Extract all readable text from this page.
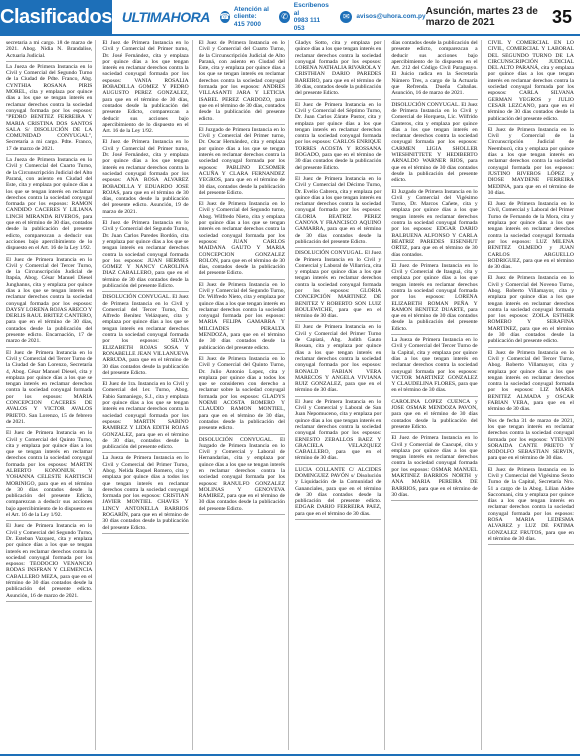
Clasificados ULTIMAHORA ☎
Atención al cliente:
415 7000
✆
Escríbenos al
0983 111 053
✉	avisos@uhora.com.py Asunción, martes 23 de marzo de 2021	35

secretaria a mi cargo. 18 de marzo de 2021. Abog. Nidia N. Brandalise, Actuaria Judicial.

La Jueza de Primera Instancia en lo Civil y Comercial del Segundo Turno de la Ciudad de Pdte. Franco, Abg. CYNTHIA ROSANA PIRIS MOREL, cita y emplaza por quince días a los que se tengan interés en reclamar derechos contra la sociedad conyugal formada por los esposos: "PEDRO BENITEZ FERREIRA Y MARIA CRISTINA DOS SANTOS SALA S/ DISOLUCIÓN DE LA COMUNIDAD CONYUGAL", Secretaría a mi cargo. Pdte. Franco, 17 de marzo de 2021.

La Jueza de Primera Instancia en lo Civil y Comercial del Cuarto Turno, de la Circunscripción Judicial del Alto Paraná, con asiento en Ciudad del Este, cita y emplaza por quince días a los que se tengan interés en reclamar derechos contra la sociedad conyugal formada por los esposos: RAMON CANDIDO CACERES Y LILIANA LINCH MIRANDA RIVEROS, para que en el término de 30 días, contados desde la publicación del presente edicto, comparezcan a deducir sus acciones bajo apercibimiento de lo dispuesto en el Art. 16 de la Ley 1/92.

El Juez de Primera Instancia en lo Civil y Comercial del Tercer Turno, de la Circunscripción Judicial de Itapúa, Abog. César Manuel Diesel Junghanns, cita y emplaza por quince días a los que se tengan interés en reclamar derechos contra la sociedad conyugal formada por los esposos: DAYSY LORENA ROJAS ARECO Y DERLIS RAUL BRITEZ CANTERO, para que en el término de 30 días, contados desde la publicación del presente edicto. Encarnación, 17 de marzo de 2021.

El Juez de Primera Instancia en lo Civil y Comercial del Tercer Turno de la Ciudad de San Lorenzo, Secretaría 4, Abog. César Manuel Diesel, cita y emplaza por quince días a los que se tengan interés en reclamar derechos contra la sociedad conyugal formada por los esposos: MARIA CONCEPCION CACERES DE AVALOS Y VICTOR AVALOS PRIETO. San Lorenzo, 15 de febrero de 2021.

El Juez de Primera Instancia en lo Civil y Comercial del Quinto Turno, cita y emplaza por quince días a los que se tengan interés en reclamar derechos contra la sociedad conyugal formada por los esposos: MARTIN ALBERTO KONONIUK Y YOHANNA CELESTE KARTISCH MORINIGO, para que en el término de 30 días contados desde la publicación del presente Edicto, comparezcan a deducir sus acciones bajo apercibimiento de lo dispuesto en el Art. 16 de la Ley 1/92.

El Juez de Primera Instancia en lo Civil y Comercial del Segundo Turno, Dr. Esteban Vazquez, cita y emplaza por quince días a los que se tengan interés en reclamar derechos contra la sociedad conyugal formada por los esposos: TEODOCIO VENANCIO RODAS INSFRAN Y CLEMENCIA CABALLERO MEZA, para que en el término de 30 días contados desde la publicación del presente edicto. Asunción, 16 de marzo de 2021.

El Juez de Primera Instancia en lo Civil y Comercial del Primer turno, Dr. José Fernández, cita y emplaza por quince días a los que tengan interés en reclamar derechos contra la sociedad conyugal formada por los esposos: VANIA ROSALIA BOBADILLA GOMEZ Y PEDRO AUGUSTO PEREZ GONZALEZ, para que en el término de 30 días, contados desde la publicación del presente Edicto, comparezcan a deducir sus acciones bajo apercibimiento de lo dispuesto en el Art. 16 de la Ley 1/92.

El Juez de Primera Instancia en lo Civil y Comercial del Primer turno, Dr. José Fernández, cita y emplaza por quince días a los que tengan interés en reclamar derechos contra la sociedad conyugal formada por los esposos: ANA ROSA ALVAREZ BOBADILLA Y EDUARDO JOSE ROJAS, para que en el término de 30 días, contados desde la publicación del presente edicto. Asunción, 19 de marzo de 2021.

El Juez de Primera Instancia en lo Civil y Comercial del Segundo Turno, Dr. Juan Carlos Paredes Bordón, cita y emplaza por quince días a los que se tengan interés en reclamar derechos contra la sociedad conyugal formada por los esposos: JUAN HERMES GOMEZ Y NANCY CAROLINA DIAZ CABALLERO, para que en el término de 30 días contados desde la publicación del presente Edicto.

DISOLUCIÓN CONYUGAL. El Juez de Primera Instancia en lo Civil y Comercial del Tercer Turno, Dr. Alfredo Benítez Velázquez, cita y emplaza por quince días a los que se tengan interés en reclamar derechos contra la sociedad conyugal formada por los esposos: SILVIA ELIZABETH ROJAS SOSA Y RONABELLE JEAN VILLANUEVA ARRUDA, para que en el término de 30 días contados desde la publicación del presente Edicto.

El Juez de 1ra. Instancia en lo Civil y Comercial del 1er. Turno, Abog. Fabio Samaniego, S.J., cita y emplaza por quince días a los que se tengan interés en reclamar derechos contra la sociedad conyugal formada por los esposos: MARTIN SABINO RAMIREZ Y LIDIA EDITH ROJAS GONZALEZ, para que en el término de 30 días, contados desde la publicación del presente edicto.

La Jueza de Primera Instancia en lo Civil y Comercial del Primer Turno, Abog. Nelida Raquel Romero, cita y emplaza por quince días a todos los que tengan interés en reclamar derechos contra la sociedad conyugal formada por los esposos: CRISTIAN JAVIER MONTIEL CHAVES Y LINCY ANTONELLA BARRIOS ROGARÍN, para que en el término de 30 días contados desde la publicación del presente Edicto.

El Juez de Primera Instancia en lo Civil y Comercial del Cuarto Turno, de la Circunscripción Judicial de Alto Paraná, con asiento en Ciudad del Este, cita y emplaza por quince días a los que se tengan interés en reclamar derechos contra la sociedad conyugal formada por los esposos: ANDRES VILLASANTI JARA Y LETICIA ISABEL PEREZ CARDOZO, para que en el término de 30 días, contados desde la publicación del presente edicto.

El Juzgado de Primera Instancia en lo Civil y Comercial del Primer turno, Dr. Oscar Hernández, cita y emplaza por quince días a los que se tengan interés en reclamar derechos contra la sociedad conyugal formada por los esposos: PABLINO ECSOMER ACUÑA Y CLARA FERNANDEZ YEGROS, para que en el término de 30 días, contados desde la publicación del presente Edicto.

El Juez de Primera Instancia en lo Civil y Comercial del Segundo turno, Abog. Wilfredo Nieto, cita y emplaza por quince días a los que se tengan interés en reclamar derechos contra la sociedad conyugal formada por los esposos: JUAN CARLOS MAIDANA GAUTO Y MARIA CONCEPCION GONZALEZ ROLON, para que en el término de 30 días, contados desde la publicación del presente Edicto.

El Juez de Primera Instancia en lo Civil y Comercial del Segundo Turno, Dr. Wilfredo Nieto, cita y emplaza por quince días a los que tengan interés en reclamar derechos contra la sociedad conyugal formada por los esposos: MARIA FELIPA GAMARRA Y MILCIADES PERALTA MENDOZA, para que en el término de 30 días contados desde la publicación del presente edicto.

El Juez de Primera Instancia en lo Civil y Comercial del Quinto Turno, Dr. Julio Antonio Lopez, cita y emplaza por quince días a todos los que se consideren con derecho a reclamar sobre la sociedad conyugal formada por los esposos: GLADYS NOEMI ACOSTA ROMERO Y CLAUDIO RAMON MONTIEL, para que en el término de 30 días, contados desde la publicación del presente edicto.

DISOLUCIÓN CONYUGAL. El Juzgado de Primera Instancia en lo Civil y Comercial y Laboral de Hernandarias, cita y emplaza por quince días a los que se tengan interés en reclamar derechos contra la sociedad conyugal formada por los esposos: RANULFO GONZALEZ MOLINAS Y GENOVEVA RAMIREZ, para que en el término de 30 días contados desde la publicación del presente Edicto.

Gladys Sotto, cita y emplaza por quince días a los que tengan interés en reclamar derechos contra la sociedad conyugal formada por los esposos: LORENA NATHALIA RIVAROLA Y CRISTHIAN DARIO PAREDES BAREIRO, para que en el término de 30 días, contados desde la publicación del presente Edicto.

El Juez de Primera Instancia en lo Civil y Comercial del Séptimo Turno, Dr. Juan Carlos Zárate Pastor, cita y emplaza por quince días a los que tengan interés en reclamar derechos contra la sociedad conyugal formada por los esposos: CARLOS ENRIQUE TORRES ACOSTA Y ROSSANA BOGADO, para que en el término de 30 días contados desde la publicación del presente Edicto.

El Juez de Primera Instancia en lo Civil y Comercial del Décimo Turno, Dr. Evelio Cabrera, cita y emplaza por quince días a los que tengan interés en reclamar derechos contra la sociedad conyugal formada por los esposos: GLORIA BEATRIZ PEREZ CANOVA Y FRANCISCO AQUINO GAMARRA, para que en el término de 30 días contados desde la publicación del presente Edicto.

DISOLUCIÓN CONYUGAL. El Juez de Primera Instancia en lo Civil y Comercial y Laboral de Villarrica, cita y emplaza por quince días a los que tengan interés en reclamar derechos contra la sociedad conyugal formada por los esposos: GLORIA CONCEPCIÓN MARTINEZ DE BENITEZ Y ROBERTO SON LUIZ BOULEWICHE, para que en el término de 30 días.

El Juez de Primera Instancia en lo Civil y Comercial del Primer Turno de Capiatá, Abg. Judith Gauto Rossan, cita y emplaza por quince días a los que tengan interés en reclamar derechos contra la sociedad conyugal formada por los esposos: RONALD FABIAN VERA MARECOS Y ANGELA VIVIANA RUIZ GONZALEZ, para que en el término de 30 días.

El Juez de Primera Instancia en lo Civil y Comercial y Laboral de San Juan Nepomuceno, cita y emplaza por quince días a los que tengan interés en reclamar derechos contra la sociedad conyugal formada por los esposos: ERNESTO ZEBALLOS BAEZ Y GRACIELA VELAZQUEZ CABALLERO, para que en el término de 30 días.

LUCIA COLLANTE C/ ALCIDES DOMINGUEZ PAVÓN s/ Disolución y Liquidación de la Comunidad de Gananciales, para que en el término de 30 días contados desde la publicación del presente edicto. EDGAR DARIO FERREIRA PAEZ, para que en el término de 30 días.

días contados desde la publicación del presente edicto, comparezcan a deducir sus acciones bajo apercibimiento de lo dispuesto en el Art. 212 del Código Civil Paraguayo. El Juicio radica en la Secretaría Número Tres, a cargo de la Actuaria que Refrenda. Dueña Cabañas. Asunción, 16 de marzo de 2021.

DISOLUCIÓN CONYUGAL. El Juez de Primera Instancia en lo Civil y Comercial de Horqueta, Lic. Wilfrido Canteros, cita y emplaza por quince días a los que tengan interés en reclamar derechos contra la sociedad conyugal formada por los esposos: CARMEN LIGIA SHOLLER WIESHNITTETE Y HEDIBERTO ARNALDO WARNER RIOS, para que en el término de 30 días contados desde la publicación del presente edicto.

El Juzgado de Primera Instancia en lo Civil y Comercial del Vigésimo Turno, Dr. Marcos Cañete, cita y emplaza por quince días a los que tengan interés en reclamar derechos contra la sociedad conyugal formada por los esposos: EDGAR DARIO BALBUENA ALFONSO Y CARLA BEATRIZ PAREDES EISENHUT ORTIZ, para que en el término de 30 días contados.

El Juez de Primera Instancia en lo Civil y Comercial de Itauguá, cita y emplaza por quince días a los que tengan interés en reclamar derechos contra la sociedad conyugal formada por los esposos: LORENA ELIZABETH ROMAN PEÑA Y RAMON BENITEZ DUARTE, para que en el término de 30 días contados desde la publicación del presente Edicto.

La Jueza de Primera Instancia en lo Civil y Comercial del Tercer Turno de la Capital, cita y emplaza por quince días a los que tengan interés en reclamar derechos contra la sociedad conyugal formada por los esposos: VICTOR MARTINEZ GONZALEZ Y CLAUDELINA FLORES, para que en el término de 30 días.

CAROLINA LOPEZ CUENCA y JOSE OSMAR MENDOZA PAVON, para que en el término de 30 días contados desde la publicación del presente Edicto.

El Juez de Primera Instancia en lo Civil y Comercial de Caacupé, cita y emplaza por quince días a los que tengan interés en reclamar derechos contra la sociedad conyugal formada por los esposos: OSMAR MANUEL MARTINEZ BARRIOS NORTH y ANA MARIA PEREIRA DE BARRIOS, para que en el término de 30 días.

CIVIL Y COMERCIAL EN LO CIVIL, COMERCIAL Y LABORAL DEL SEGUNDO TURNO DE LA CIRCUNSCRIPCIÓN JUDICIAL DEL ALTO PARANÁ, cita y emplaza por quince días a los que tengan interés en reclamar derechos contra la sociedad conyugal formada por los esposos: CARLA SILVANA GERMAN YEGROS y JULIO CESAR LEZCANO, para que en el término de 30 días contados desde la publicación del presente edicto.

El Juez de Primera Instancia en lo Civil y Comercial de la Circunscripción Judicial de Neembucú, cita y emplaza por quince días a los que tengan interés en reclamar derechos contra la sociedad conyugal formada por los esposos: JUSTINO RIVEROS LÓPEZ y DIOSE MAYDENE FERREIRA MEDINA, para que en el término de 30 días.

El Juez de Primera Instancia en lo Civil, Comercial y Laboral del Primer Turno de Fernando de la Mora, cita y emplaza por quince días a los que tengan interés en reclamar derechos contra la sociedad conyugal formada por los esposos: LUZ MILENA BENITEZ OLMEDO y JUAN CARLOS ARGUELLO RODRIGUEZ, para que en el término de 30 días.

El Juez de Primera Instancia en lo Civil y Comercial del Noveno Turno, Abog. Roberto Villamayor, cita y emplaza por quince días a los que tengan interés en reclamar derechos contra la sociedad conyugal formada por los esposos: ZOILA ESTHER ROMERO Y SERAFINA MARTINEZ, para que en el término de 30 días contados desde la publicación del presente edicto.

El Juez de Primera Instancia en lo Civil y Comercial del Tercer Turno, Abog. Roberto Villamayor, cita y emplaza por quince días a los que tengan interés en reclamar derechos contra la sociedad conyugal formada por los esposos: LIZ MARIA BENITEZ ALMADA y OSCAR FABIAN VERA, para que en el término de 30 días.

Nos de fecha 31 de marzo de 2021, los que tengan interés en reclamar derechos contra la sociedad conyugal formada por los esposos: YTELVIN SORAIDA CANTE PRIETO Y RODOLFO SEBASTIAN SERVIN, para que en el término de 30 días.

El Juez de Primera Instancia en lo Civil y Comercial del Vigésimo Sexto Turno de la Capital, Secretaría Nro. 51 a cargo de la Abog. Lilian Aidee Saccomani, cita y emplaza por quince días a los que tengan interés en reclamar derechos contra la sociedad conyugal formada por los esposos: ROSA MARIA LEDESMA ALVAREZ y LUZ DE FATIMA GONZALEZ FRUTOS, para que en el término de 30 días.
